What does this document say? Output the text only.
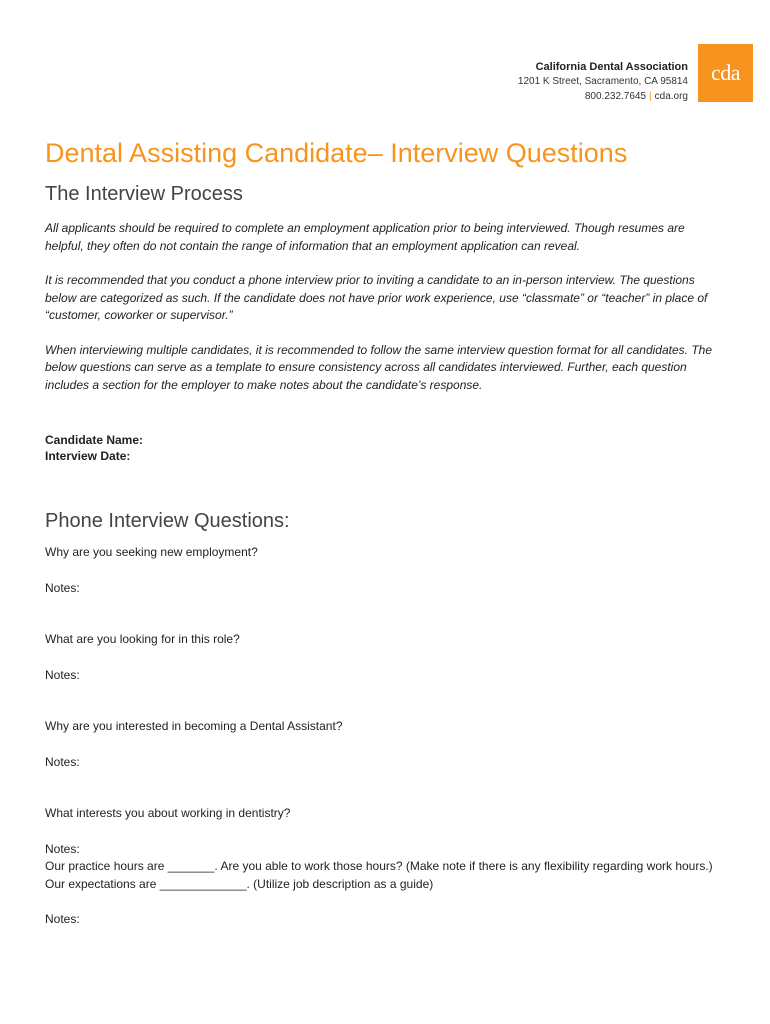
California Dental Association
1201 K Street, Sacramento, CA 95814
800.232.7645 | cda.org
cda
Dental Assisting Candidate– Interview Questions
The Interview Process

All applicants should be required to complete an employment application prior to being interviewed. Though resumes are helpful, they often do not contain the range of information that an employment application can reveal.

It is recommended that you conduct a phone interview prior to inviting a candidate to an in-person interview. The questions below are categorized as such. If the candidate does not have prior work experience, use “classmate” or “teacher” in place of “customer, coworker or supervisor.”

When interviewing multiple candidates, it is recommended to follow the same interview question format for all candidates. The below questions can serve as a template to ensure consistency across all candidates interviewed. Further, each question includes a section for the employer to make notes about the candidate’s response.

Candidate Name:
Interview Date:
Phone Interview Questions:

Why are you seeking new employment?

Notes:

What are you looking for in this role?

Notes:

Why are you interested in becoming a Dental Assistant?

Notes:

What interests you about working in dentistry?

Notes:

Our practice hours are _______. Are you able to work those hours? (Make note if there is any flexibility regarding work hours.)

Our expectations are _____________. (Utilize job description as a guide)

Notes:
